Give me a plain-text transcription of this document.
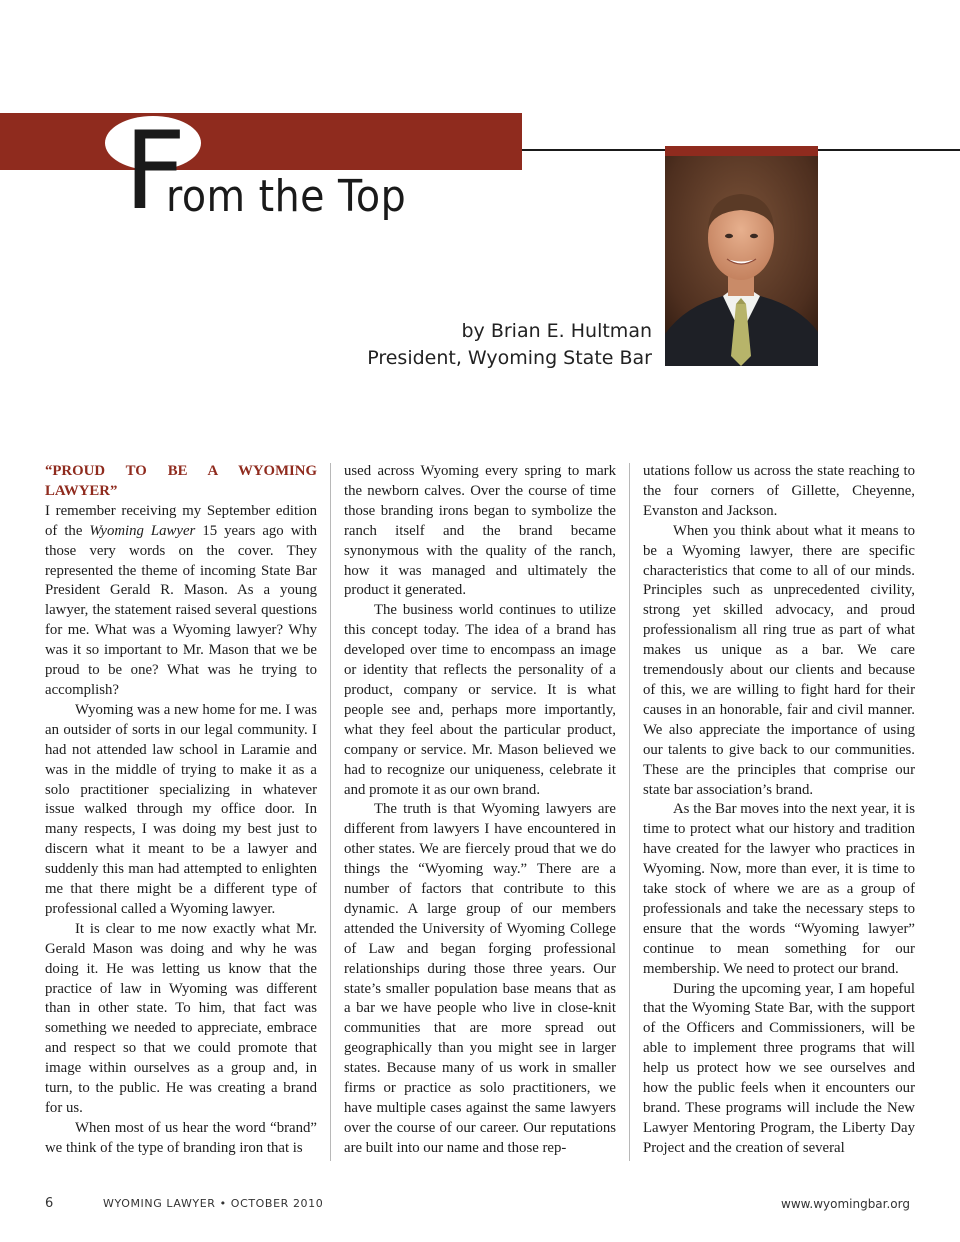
F
rom the Top
by Brian E. Hultman
President, Wyoming State Bar
“PROUD TO BE A WYOMING LAWYER”

I remember receiving my September edition of the Wyoming Lawyer 15 years ago with those very words on the cover. They represented the theme of incoming State Bar President Gerald R. Mason. As a young lawyer, the statement raised several questions for me. What was a Wyoming lawyer? Why was it so important to Mr. Mason that we be proud to be one? What was he trying to accomplish?

Wyoming was a new home for me. I was an outsider of sorts in our legal community. I had not attended law school in Laramie and was in the middle of trying to make it as a solo practitioner specializing in whatever issue walked through my office door. In many respects, I was doing my best just to discern what it meant to be a lawyer and suddenly this man had attempted to enlighten me that there might be a different type of professional called a Wyoming lawyer.

It is clear to me now exactly what Mr. Gerald Mason was doing and why he was doing it. He was letting us know that the practice of law in Wyoming was different than in other state. To him, that fact was something we needed to appreciate, embrace and respect so that we could promote that image within ourselves as a group and, in turn, to the public. He was creating a brand for us.

When most of us hear the word “brand” we think of the type of branding iron that is

used across Wyoming every spring to mark the newborn calves. Over the course of time those branding irons began to symbolize the ranch itself and the brand became synonymous with the quality of the ranch, how it was managed and ultimately the product it generated.

The business world continues to utilize this concept today. The idea of a brand has developed over time to encompass an image or identity that reflects the personality of a product, company or service. It is what people see and, perhaps more importantly, what they feel about the particular product, company or service. Mr. Mason believed we had to recognize our uniqueness, celebrate it and promote it as our own brand.

The truth is that Wyoming lawyers are different from lawyers I have encountered in other states. We are fiercely proud that we do things the “Wyoming way.” There are a number of factors that contribute to this dynamic. A large group of our members attended the University of Wyoming College of Law and began forging professional relationships during those three years. Our state’s smaller population base means that as a bar we have people who live in close-knit communities that are more spread out geographically than you might see in larger states. Because many of us work in smaller firms or practice as solo practitioners, we have multiple cases against the same lawyers over the course of our career. Our reputations are built into our name and those rep-

utations follow us across the state reaching to the four corners of Gillette, Cheyenne, Evanston and Jackson.

When you think about what it means to be a Wyoming lawyer, there are specific characteristics that come to all of our minds. Principles such as unprecedented civility, strong yet skilled advocacy, and proud professionalism all ring true as part of what makes us unique as a bar. We care tremendously about our clients and because of this, we are willing to fight hard for their causes in an honorable, fair and civil manner. We also appreciate the importance of using our talents to give back to our communities. These are the principles that comprise our state bar association’s brand.

As the Bar moves into the next year, it is time to protect what our history and tradition have created for the lawyer who practices in Wyoming. Now, more than ever, it is time to take stock of where we are as a group of professionals and take the necessary steps to ensure that the words “Wyoming lawyer” continue to mean something for our membership. We need to protect our brand.

During the upcoming year, I am hopeful that the Wyoming State Bar, with the support of the Officers and Commissioners, will be able to implement three programs that will help us protect how we see ourselves and how the public feels when it encounters our brand. These programs will include the New Lawyer Mentoring Program, the Liberty Day Project and the creation of several

6	WYOMING LAWYER • OCTOBER 2010	www.wyomingbar.org
